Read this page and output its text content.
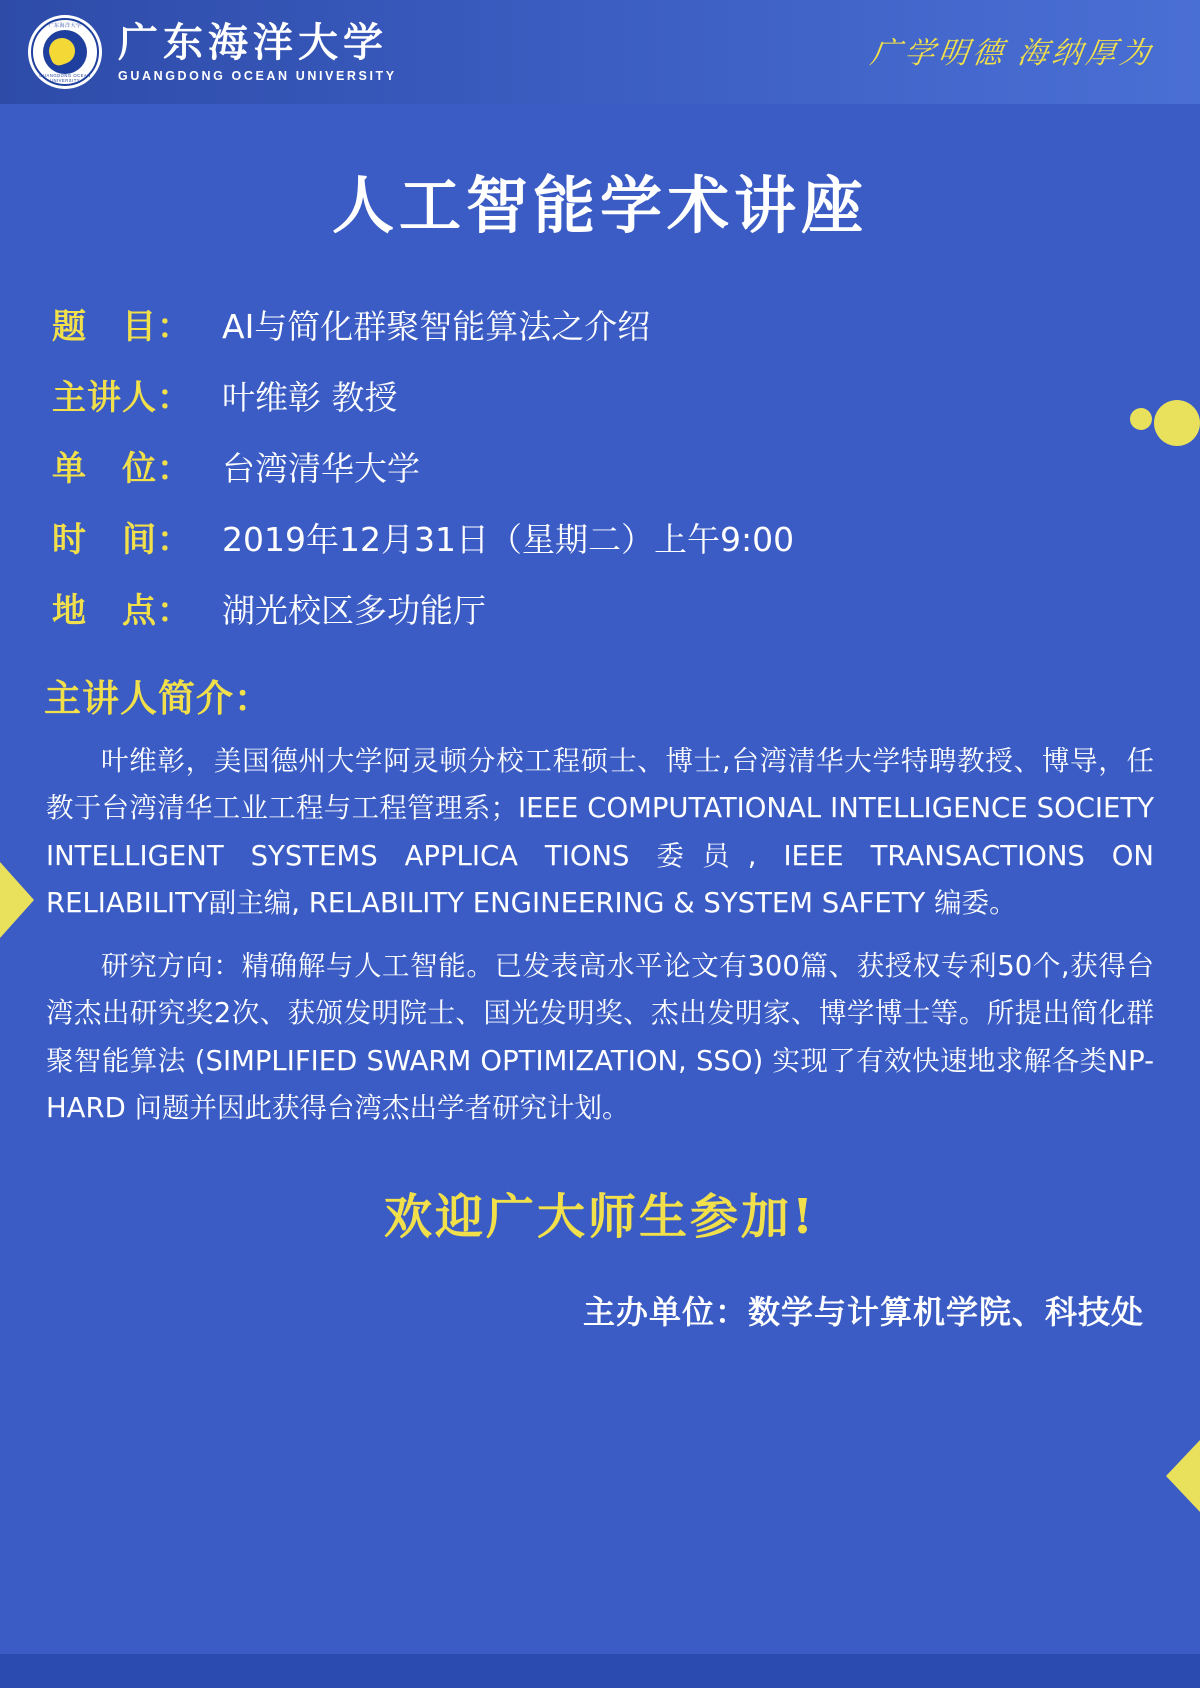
广东海洋大学
GUANGDONG OCEAN UNIVERSITY
广东海洋大学
GUANGDONG OCEAN UNIVERSITY
广学明德 海纳厚为
人工智能学术讲座
题　目： AI与简化群聚智能算法之介绍
主讲人： 叶维彰 教授
单　位： 台湾清华大学
时　间： 2019年12月31日（星期二）上午9:00
地　点： 湖光校区多功能厅
主讲人简介：
叶维彰，美国德州大学阿灵顿分校工程硕士、博士,台湾清华大学特聘教授、博导，任教于台湾清华工业工程与工程管理系；IEEE COMPUTATIONAL INTELLIGENCE SOCIETY INTELLIGENT SYSTEMS APPLICA TIONS 委员, IEEE TRANSACTIONS ON RELIABILITY副主编, RELABILITY ENGINEERING & SYSTEM SAFETY 编委。
研究方向：精确解与人工智能。已发表高水平论文有300篇、获授权专利50个,获得台湾杰出研究奖2次、获颁发明院士、国光发明奖、杰出发明家、博学博士等。所提出简化群聚智能算法 (SIMPLIFIED SWARM OPTIMIZATION, SSO) 实现了有效快速地求解各类NP-HARD 问题并因此获得台湾杰出学者研究计划。
欢迎广大师生参加!
主办单位：数学与计算机学院、科技处
